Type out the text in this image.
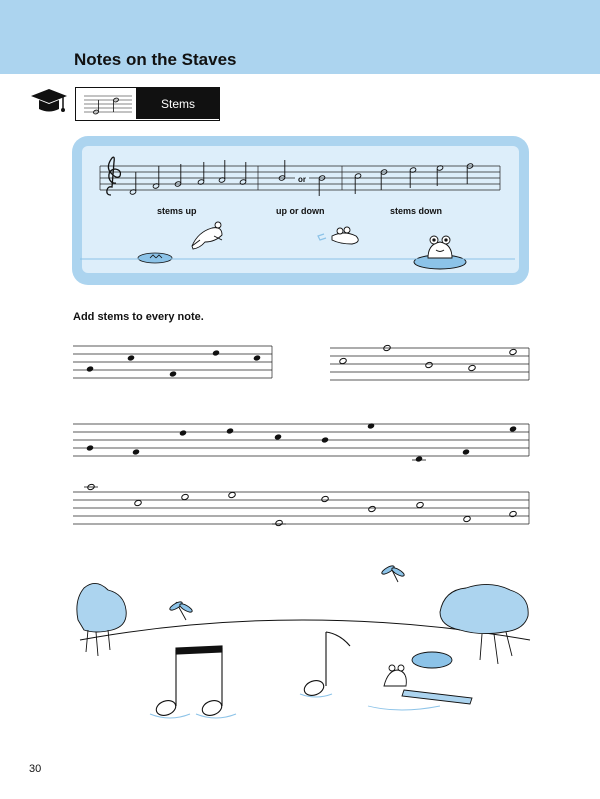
Notes on the Staves
Stems
or
stems up	up or down	stems down

Add stems to every note.

30
